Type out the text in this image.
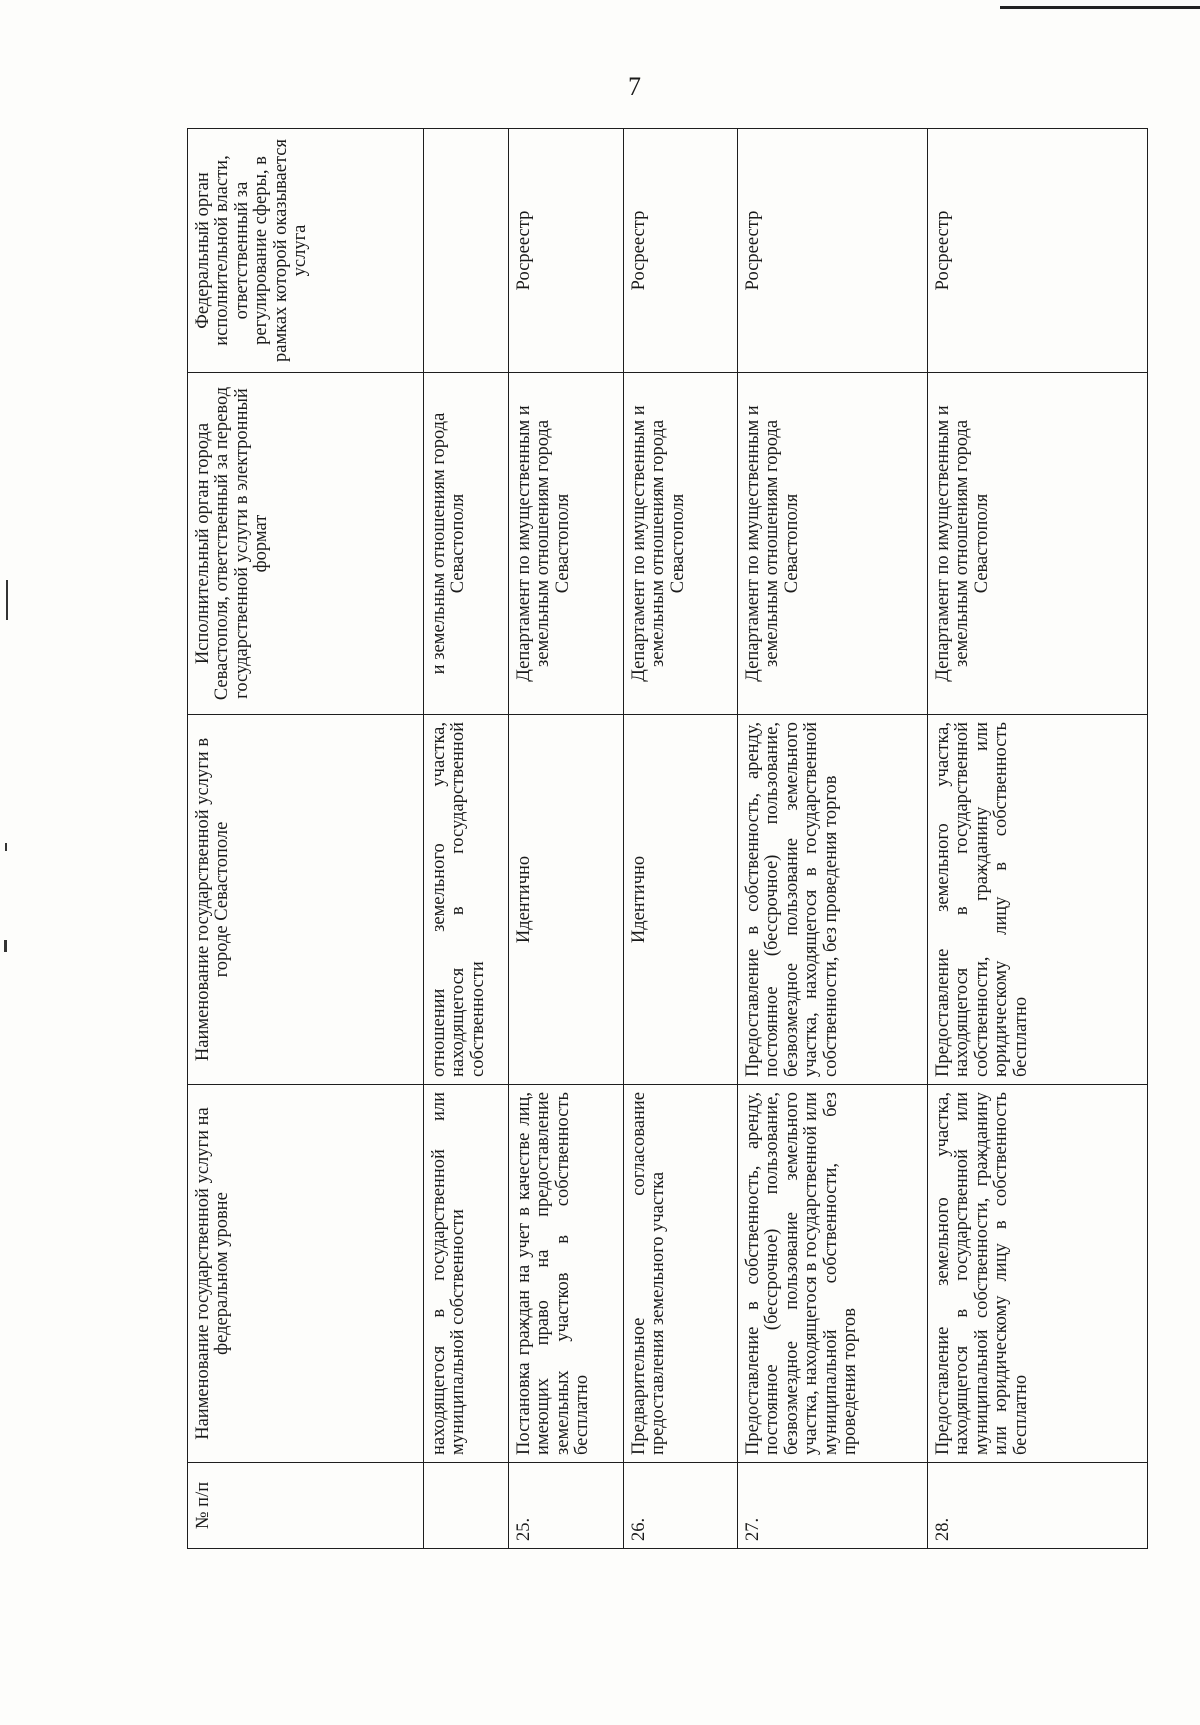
7
№ п/п	Наименование государственной услуги на федеральном уровне	Наименование государственной услуги в городе Севастополе	Исполнительный орган города Севастополя, ответственный за перевод государственной услуги в электронный формат	Федеральный орган исполнительной власти, ответственный за регулирование сферы, в рамках которой оказывается услуга
	находящегося в государственной или муниципальной собственности	отношении земельного участка, находящегося в государственной собственности	и земельным отношениям города Севастополя	
25.	Постановка граждан на учет в качестве лиц, имеющих право на предоставление земельных участков в собственность бесплатно	Идентично	Департамент по имущественным и земельным отношениям города Севастополя	Росреестр
26.	Предварительное согласование предоставления земельного участка	Идентично	Департамент по имущественным и земельным отношениям города Севастополя	Росреестр
27.	Предоставление в собственность, аренду, постоянное (бессрочное) пользование, безвозмездное пользование земельного участка, находящегося в государственной или муниципальной собственности, без проведения торгов	Предоставление в собственность, аренду, постоянное (бессрочное) пользование, безвозмездное пользование земельного участка, находящегося в государственной собственности, без проведения торгов	Департамент по имущественным и земельным отношениям города Севастополя	Росреестр
28.	Предоставление земельного участка, находящегося в государственной или муниципальной собственности, гражданину или юридическому лицу в собственность бесплатно	Предоставление земельного участка, находящегося в государственной собственности, гражданину или юридическому лицу в собственность бесплатно	Департамент по имущественным и земельным отношениям города Севастополя	Росреестр
